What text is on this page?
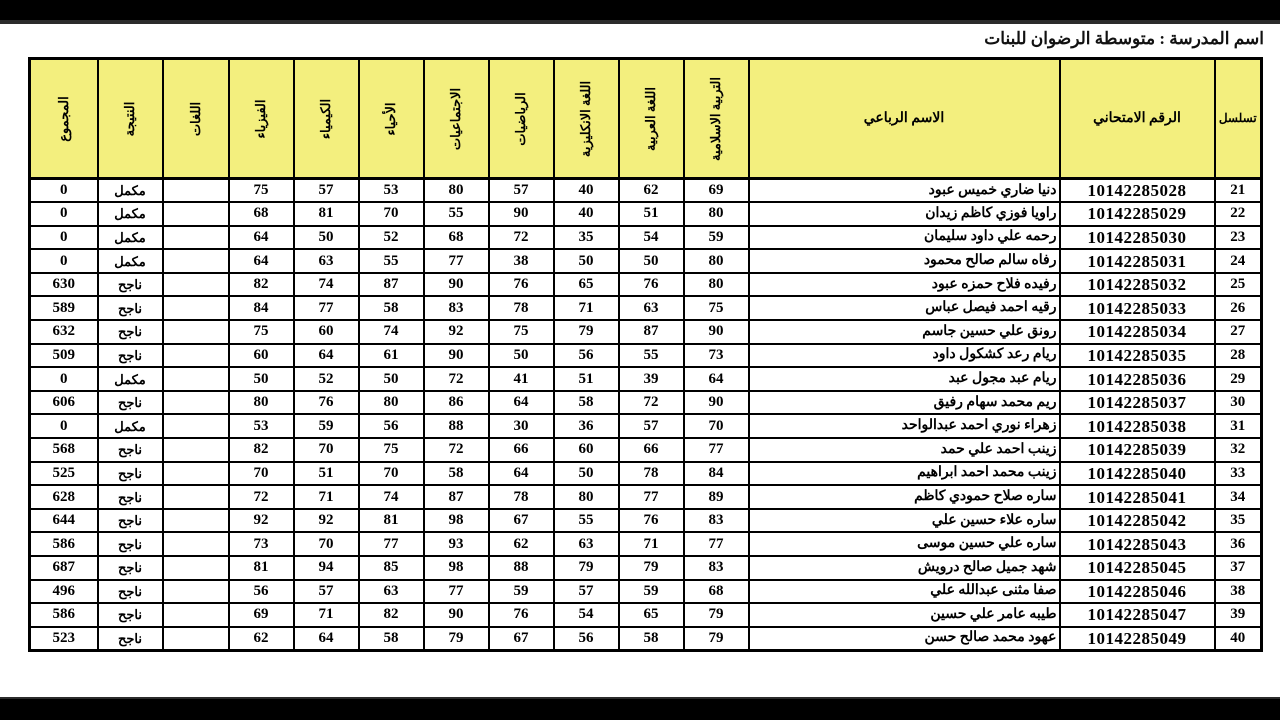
اسم المدرسة : متوسطة الرضوان للبنات
تسلسل	الرقم الامتحاني	الاسم الرباعي	التربية الاسلامية	اللغة العربية	اللغة الانكليزية	الرياضيات	الاجتماعيات	الأحياء	الكيمياء	الفيزياء	اللغات	النتيجة	المجموع

21	10142285028	دنيا ضاري خميس عبود	69	62	40	57	80	53	57	75		مكمل	0
22	10142285029	راويا فوزي كاظم زيدان	80	51	40	90	55	70	81	68		مكمل	0
23	10142285030	رحمه علي داود سليمان	59	54	35	72	68	52	50	64		مكمل	0
24	10142285031	رفاه سالم صالح محمود	80	50	50	38	77	55	63	64		مكمل	0
25	10142285032	رفيده فلاح حمزه عبود	80	76	65	76	90	87	74	82		ناجح	630
26	10142285033	رقيه احمد فيصل عباس	75	63	71	78	83	58	77	84		ناجح	589
27	10142285034	رونق علي حسين جاسم	90	87	79	75	92	74	60	75		ناجح	632
28	10142285035	ريام رعد كشكول داود	73	55	56	50	90	61	64	60		ناجح	509
29	10142285036	ريام عبد مجول عبد	64	39	51	41	72	50	52	50		مكمل	0
30	10142285037	ريم محمد سهام رفيق	90	72	58	64	86	80	76	80		ناجح	606
31	10142285038	زهراء نوري احمد عبدالواحد	70	57	36	30	88	56	59	53		مكمل	0
32	10142285039	زينب احمد علي حمد	77	66	60	66	72	75	70	82		ناجح	568
33	10142285040	زينب محمد احمد ابراهيم	84	78	50	64	58	70	51	70		ناجح	525
34	10142285041	ساره صلاح حمودي كاظم	89	77	80	78	87	74	71	72		ناجح	628
35	10142285042	ساره علاء حسين علي	83	76	55	67	98	81	92	92		ناجح	644
36	10142285043	ساره علي حسين موسى	77	71	63	62	93	77	70	73		ناجح	586
37	10142285045	شهد جميل صالح درويش	83	79	79	88	98	85	94	81		ناجح	687
38	10142285046	صفا مثنى عبدالله علي	68	59	57	59	77	63	57	56		ناجح	496
39	10142285047	طيبه عامر علي حسين	79	65	54	76	90	82	71	69		ناجح	586
40	10142285049	عهود محمد صالح حسن	79	58	56	67	79	58	64	62		ناجح	523
